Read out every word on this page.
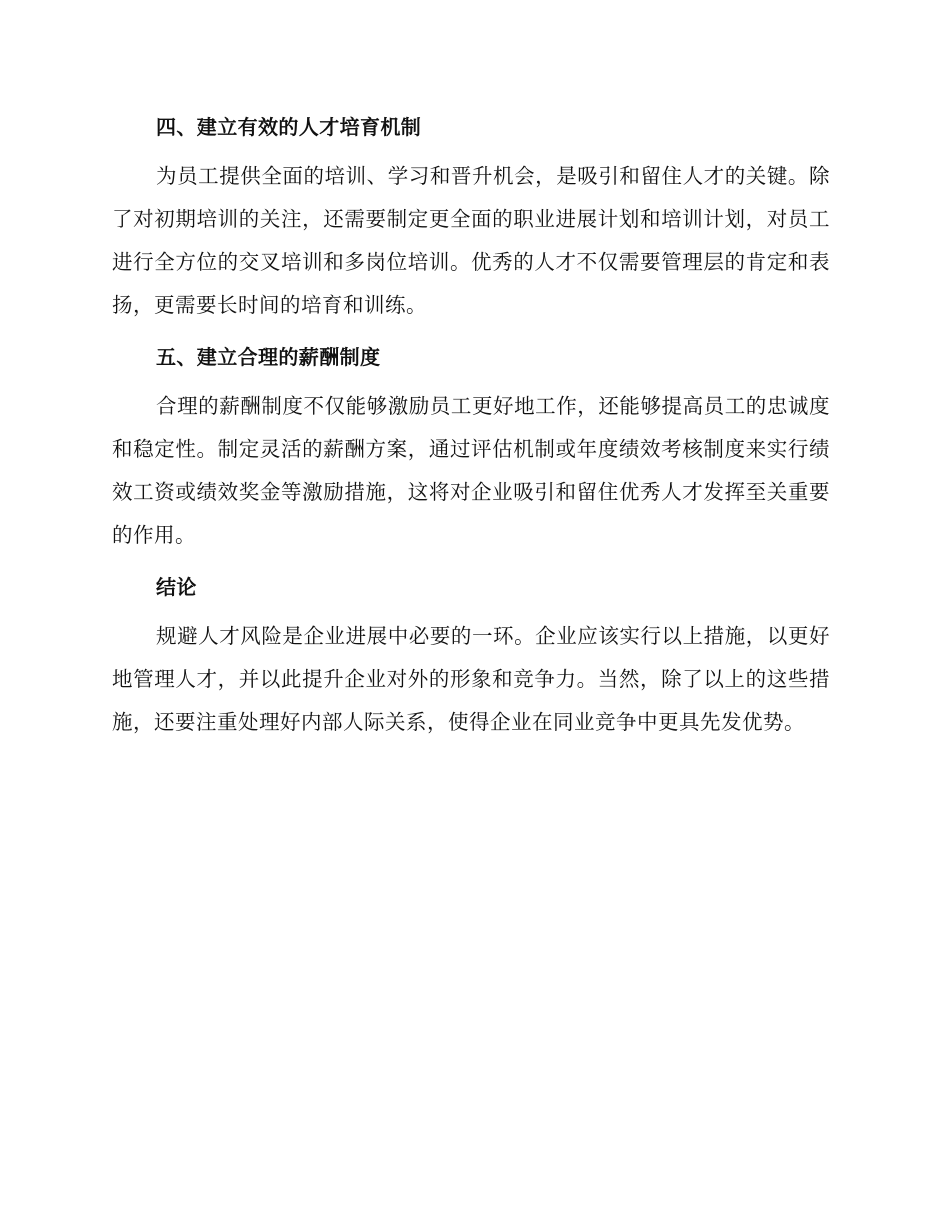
四、建立有效的人才培育机制

为员工提供全面的培训、学习和晋升机会，是吸引和留住人才的关键。除了对初期培训的关注，还需要制定更全面的职业进展计划和培训计划，对员工进行全方位的交叉培训和多岗位培训。优秀的人才不仅需要管理层的肯定和表扬，更需要长时间的培育和训练。

五、建立合理的薪酬制度

合理的薪酬制度不仅能够激励员工更好地工作，还能够提高员工的忠诚度和稳定性。制定灵活的薪酬方案，通过评估机制或年度绩效考核制度来实行绩效工资或绩效奖金等激励措施，这将对企业吸引和留住优秀人才发挥至关重要的作用。

结论

规避人才风险是企业进展中必要的一环。企业应该实行以上措施，以更好地管理人才，并以此提升企业对外的形象和竞争力。当然，除了以上的这些措施，还要注重处理好内部人际关系，使得企业在同业竞争中更具先发优势。
